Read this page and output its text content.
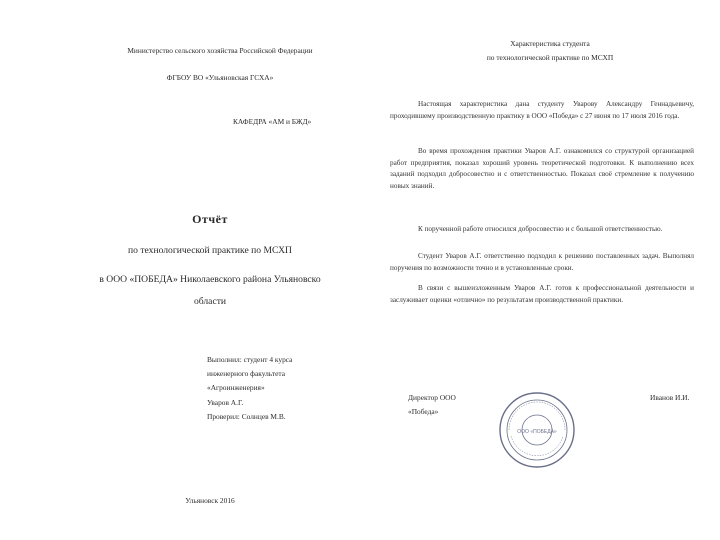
Министерство сельского хозяйства Российской Федерации
ФГБОУ ВО «Ульяновская ГСХА»
КАФЕДРА «АМ и БЖД»
Отчёт
по технологической практике по МСХП
в ООО «ПОБЕДА» Николаевского района Ульяновско
области
Выполнил: студент 4 курса
инженерного факультета
«Агроинженерия»
Уваров А.Г.
Проверил: Солнцев М.В.
Ульяновск 2016
Характеристика студента
по технологической практике по МСХП
Настоящая характеристика дана студенту Уварову Александру Геннадьевичу, проходившему производственную практику в ООО «Победа» с 27 июня по 17 июля 2016 года.
Во время прохождения практики Уваров А.Г. ознакомился со структурой организацией работ предприятия, показал хороший уровень теоретической подготовки. К выполнению всех заданий подходил добросовестно и с ответственностью. Показал своё стремление к получению новых знаний.
К порученной работе относился добросовестно и с большой ответственностью.
Студент Уваров А.Г. ответственно подходил к решению поставленных задач. Выполнял поручения по возможности точно и в установленные сроки.
В связи с вышеизложенным Уваров А.Г. готов к профессиональной деятельности и заслуживает оценки «отлично» по результатам производственной практики.
Директор ООО
«Победа»
Иванов И.И.
ООО «ПОБЕДА»
